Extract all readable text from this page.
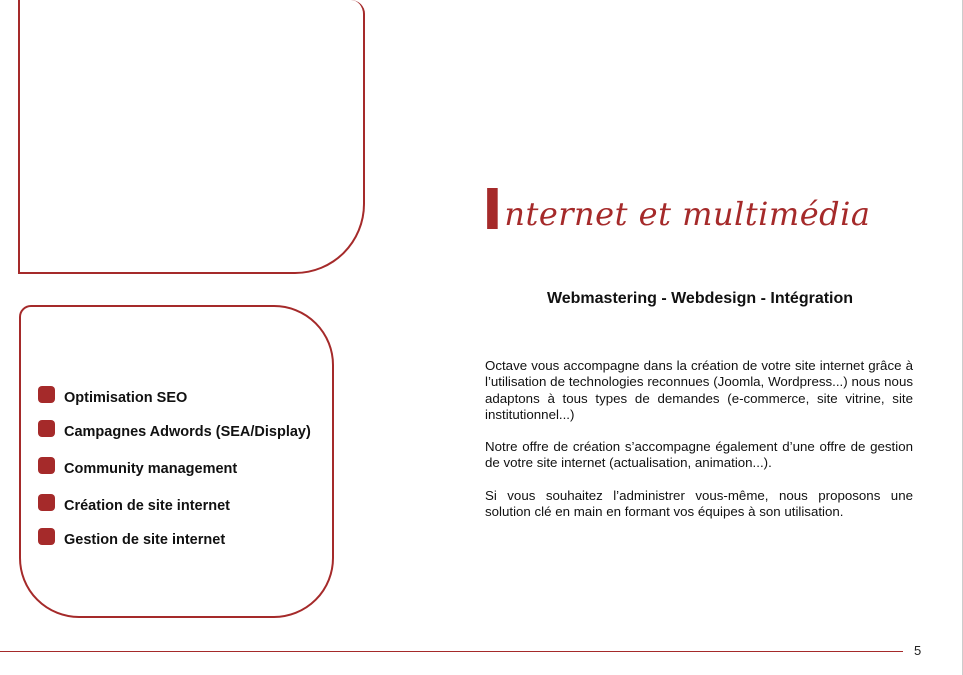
Optimisation SEO
Campagnes Adwords (SEA/Display)
Community management
Création de site internet
Gestion de site internet
Internet et multimédia
Webmastering - Webdesign - Intégration

Octave vous accompagne dans la création de votre site internet grâce à l’utilisation de technologies reconnues (Joomla, Wordpress...) nous nous adaptons à tous types de demandes (e-commerce, site vitrine, site institutionnel...)

Notre offre de création s’accompagne également d’une offre de gestion de votre site internet (actualisation, animation...).

Si vous souhaitez l’administrer vous-même, nous proposons une solution clé en main en formant vos équipes à son utilisation.

5
